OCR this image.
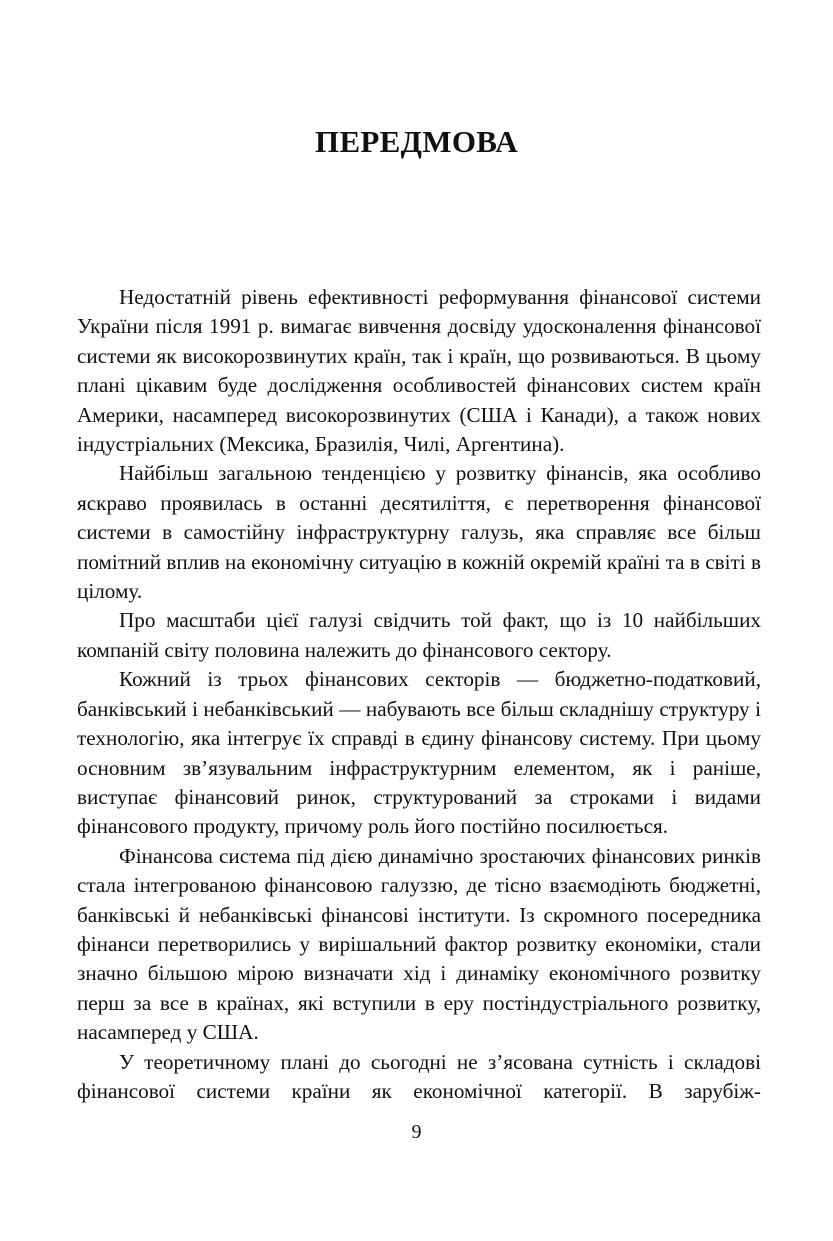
ПЕРЕДМОВА

Недостатній рівень ефективності реформування фінансової системи України після 1991 р. вимагає вивчення досвіду удосконалення фінансової системи як високорозвинутих країн, так і країн, що розвиваються. В цьому плані цікавим буде дослідження особливостей фінансових систем країн Америки, насамперед високорозвинутих (США і Канади), а також нових індустріальних (Мексика, Бразилія, Чилі, Аргентина).

Найбільш загальною тенденцією у розвитку фінансів, яка особливо яскраво проявилась в останні десятиліття, є перетворення фінансової системи в самостійну інфраструктурну галузь, яка справляє все більш помітний вплив на економічну ситуацію в кожній окремій країні та в світі в цілому.

Про масштаби цієї галузі свідчить той факт, що із 10 найбільших компаній світу половина належить до фінансового сектору.

Кожний із трьох фінансових секторів — бюджетно-податковий, банківський і небанківський — набувають все більш складнішу структуру і технологію, яка інтегрує їх справді в єдину фінансову систему. При цьому основним зв’язувальним інфраструктурним елементом, як і раніше, виступає фінансовий ринок, структурований за строками і видами фінансового продукту, причому роль його постійно посилюється.

Фінансова система під дією динамічно зростаючих фінансових ринків стала інтегрованою фінансовою галуззю, де тісно взаємодіють бюджетні, банківські й небанківські фінансові інститути. Із скромного посередника фінанси перетворились у вирішальний фактор розвитку економіки, стали значно більшою мірою визначати хід і динаміку економічного розвитку перш за все в країнах, які вступили в еру постіндустріального розвитку, насамперед у США.

У теоретичному плані до сьогодні не з’ясована сутність і складові фінансової системи країни як економічної категорії. В зарубіж-

9
